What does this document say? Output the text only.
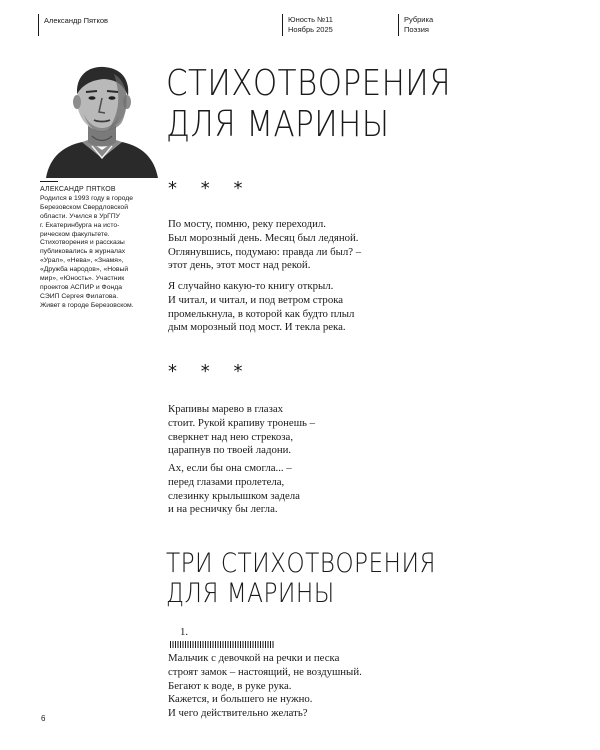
Александр Пятков	Юность №11
Ноябрь 2025
Рубрика
Поэзия
СТИХОТВОРЕНИЯ
ДЛЯ МАРИНЫ
АЛЕКСАНДР ПЯТКОВ
Родился в 1993 году в городе
Березовском Свердловской
области. Учился в УрГПУ
г. Екатеринбурга на исто-
рическом факультете.
Стихотворения и рассказы
публиковались в журналах
«Урал», «Нева», «Знамя»,
«Дружба народов», «Новый
мир», «Юность». Участник
проектов АСПИР и Фонда
СЭИП Сергея Филатова.
Живет в городе Березовском.
* * *
По мосту, помню, реку переходил.
Был морозный день. Месяц был ледяной.
Оглянувшись, подумаю: правда ли был? –
этот день, этот мост над рекой.
Я случайно какую-то книгу открыл.
И читал, и читал, и под ветром строка
промелькнула, в которой как будто плыл
дым морозный под мост. И текла река.
* * *
Крапивы марево в глазах
стоит. Рукой крапиву тронешь –
сверкнет над нею стрекоза,
царапнув по твоей ладони.
Ах, если бы она смогла... –
перед глазами пролетела,
слезинку крылышком задела
и на ресничку бы легла.
ТРИ СТИХОТВОРЕНИЯ
ДЛЯ МАРИНЫ
1.
Мальчик с девочкой на речки и песка
строят замок – настоящий, не воздушный.
Бегают к воде, в руке рука.
Кажется, и большего не нужно.
И чего действительно желать?
6
